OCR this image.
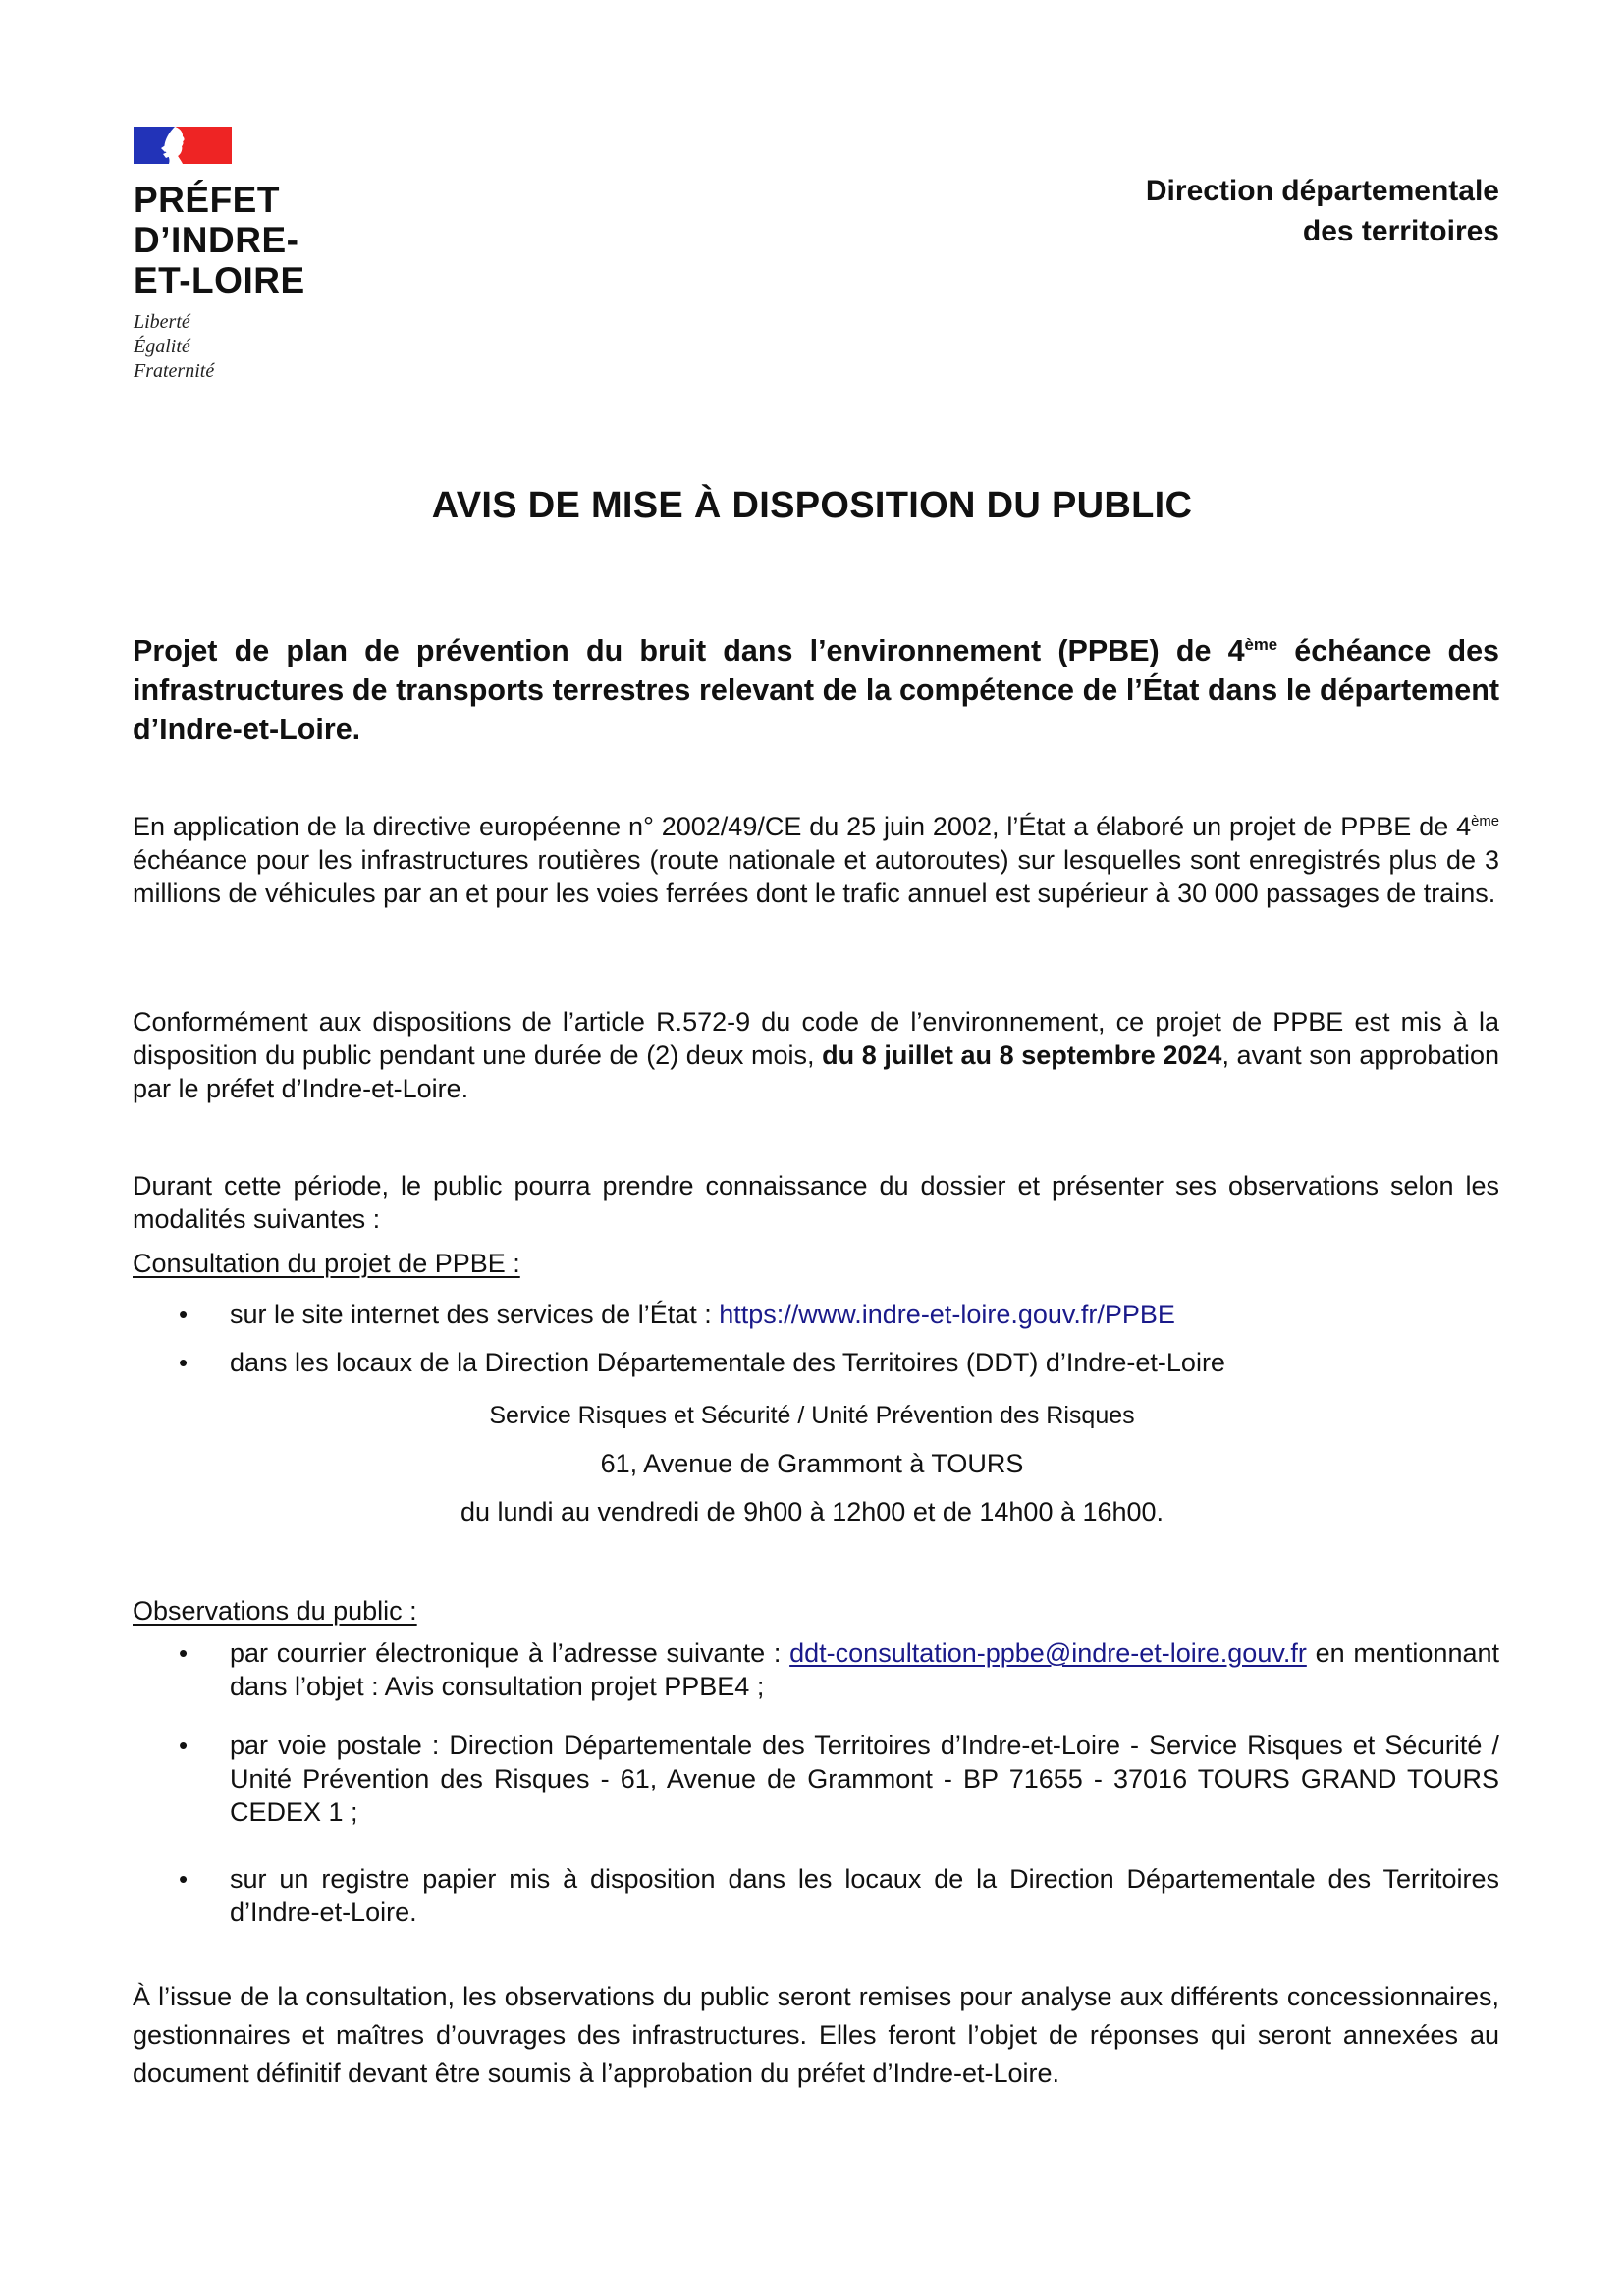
PRÉFET
D’INDRE-
ET-LOIRE
Liberté
Égalité
Fraternité
Direction départementale
des territoires
AVIS DE MISE À DISPOSITION DU PUBLIC
Projet de plan de prévention du bruit dans l’environnement (PPBE) de 4ème échéance des infrastructures de transports terrestres relevant de la compétence de l’État dans le département d’Indre-et-Loire.
En application de la directive européenne n° 2002/49/CE du 25 juin 2002, l’État a élaboré un projet de PPBE de 4ème échéance pour les infrastructures routières (route nationale et autoroutes) sur lesquelles sont enregistrés plus de 3 millions de véhicules par an et pour les voies ferrées dont le trafic annuel est supérieur à 30 000 passages de trains.
Conformément aux dispositions de l’article R.572-9 du code de l’environnement, ce projet de PPBE est mis à la disposition du public pendant une durée de (2) deux mois, du 8 juillet au 8 septembre 2024, avant son approbation par le préfet d’Indre-et-Loire.
Durant cette période, le public pourra prendre connaissance du dossier et présenter ses observations selon les modalités suivantes :
Consultation du projet de PPBE :
•	sur le site internet des services de l’État : https://www.indre-et-loire.gouv.fr/PPBE
•	dans les locaux de la Direction Départementale des Territoires (DDT) d’Indre-et-Loire
Service Risques et Sécurité / Unité Prévention des Risques
61, Avenue de Grammont à TOURS
du lundi au vendredi de 9h00 à 12h00 et de 14h00 à 16h00.
Observations du public :
•	par courrier électronique à l’adresse suivante : ddt-consultation-ppbe@indre-et-loire.gouv.fr en mentionnant dans l’objet : Avis consultation projet PPBE4 ;
•	par voie postale : Direction Départementale des Territoires d’Indre-et-Loire - Service Risques et Sécurité / Unité Prévention des Risques - 61, Avenue de Grammont - BP 71655 - 37016 TOURS GRAND TOURS CEDEX 1 ;
•	sur un registre papier mis à disposition dans les locaux de la Direction Départementale des Territoires d’Indre-et-Loire.
À l’issue de la consultation, les observations du public seront remises pour analyse aux différents concessionnaires, gestionnaires et maîtres d’ouvrages des infrastructures. Elles feront l’objet de réponses qui seront annexées au document définitif devant être soumis à l’approbation du préfet d’Indre-et-Loire.
